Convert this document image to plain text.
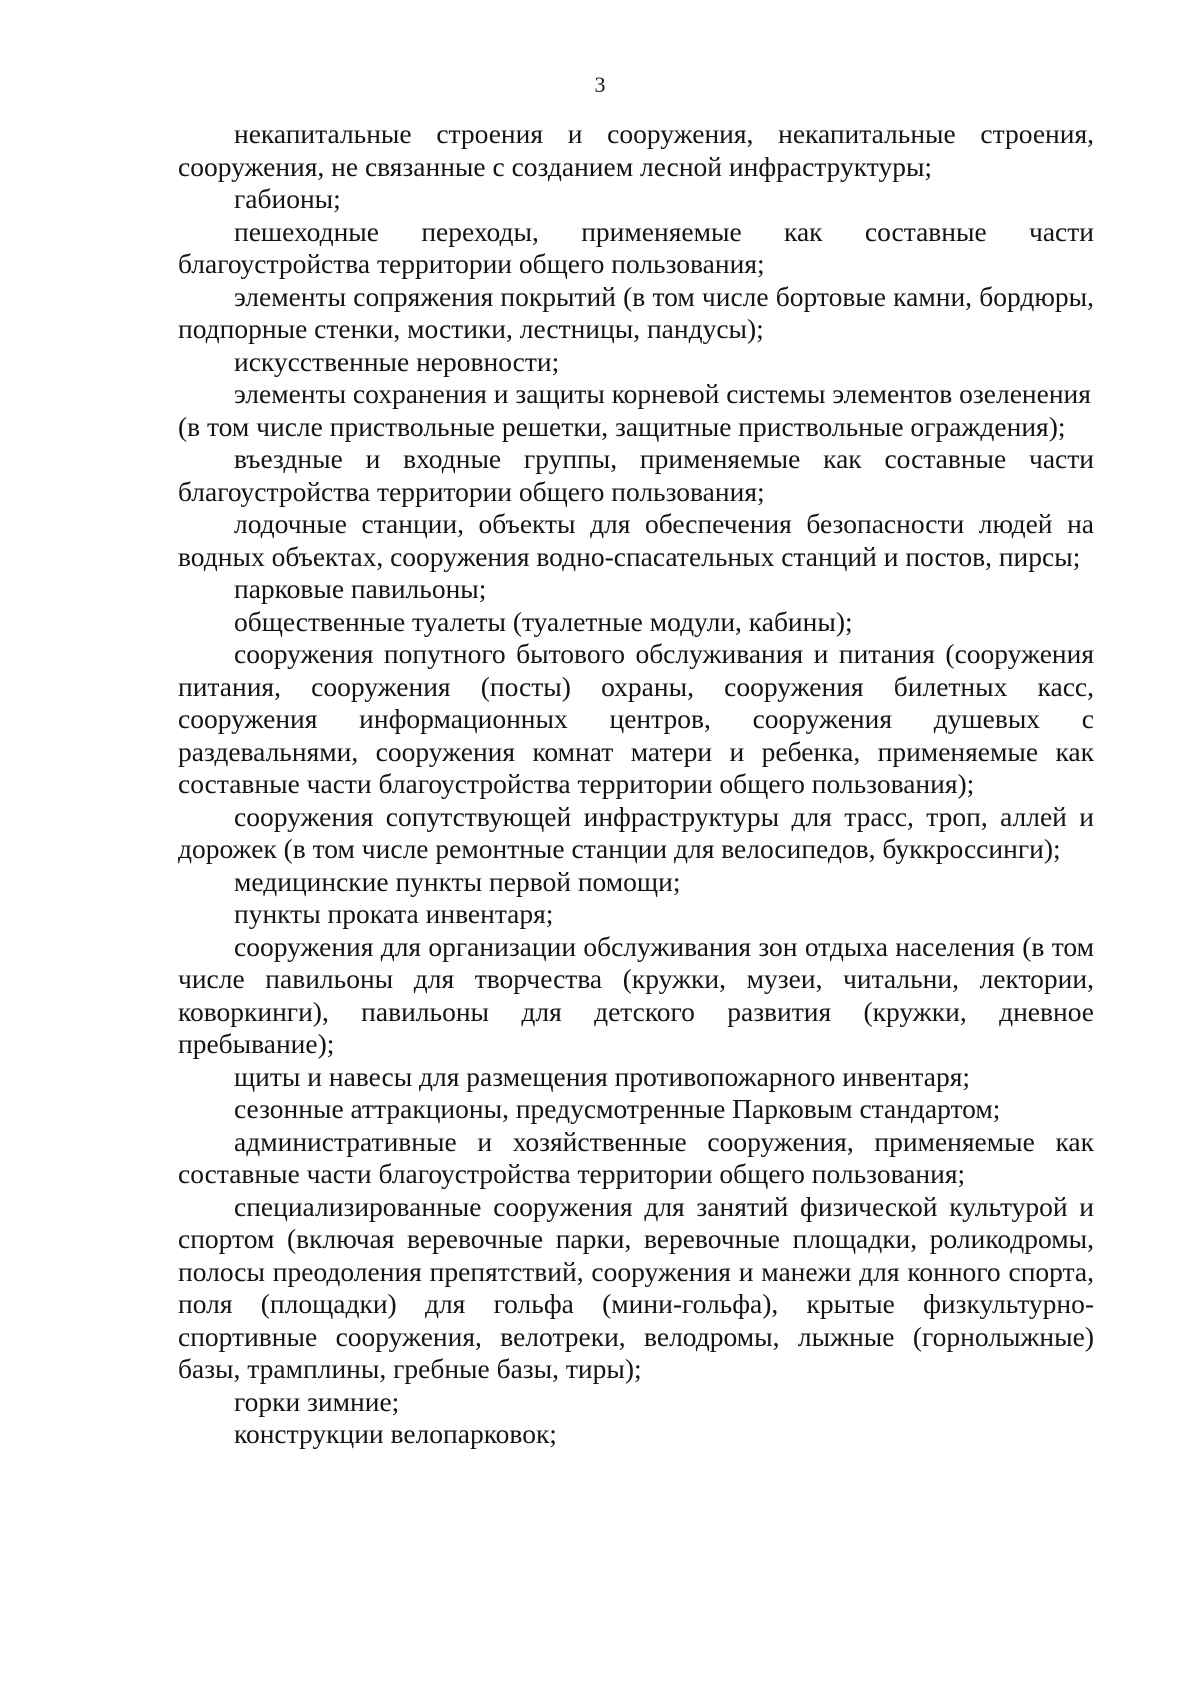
3

некапитальные строения и сооружения, некапитальные строения, сооружения, не связанные с созданием лесной инфраструктуры;

габионы;

пешеходные переходы, применяемые как составные части благоустройства территории общего пользования;

элементы сопряжения покрытий (в том числе бортовые камни, бордюры, подпорные стенки, мостики, лестницы, пандусы);

искусственные неровности;

элементы сохранения и защиты корневой системы элементов озеленения

(в том числе приствольные решетки, защитные приствольные ограждения);

въездные и входные группы, применяемые как составные части благоустройства территории общего пользования;

лодочные станции, объекты для обеспечения безопасности людей на водных объектах, сооружения водно-спасательных станций и постов, пирсы;

парковые павильоны;

общественные туалеты (туалетные модули, кабины);

сооружения попутного бытового обслуживания и питания (сооружения питания, сооружения (посты) охраны, сооружения билетных касс, сооружения информационных центров, сооружения душевых с раздевальнями, сооружения комнат матери и ребенка, применяемые как составные части благоустройства территории общего пользования);

сооружения сопутствующей инфраструктуры для трасс, троп, аллей и дорожек (в том числе ремонтные станции для велосипедов, буккроссинги);

медицинские пункты первой помощи;

пункты проката инвентаря;

сооружения для организации обслуживания зон отдыха населения (в том числе павильоны для творчества (кружки, музеи, читальни, лектории, коворкинги), павильоны для детского развития (кружки, дневное пребывание);

щиты и навесы для размещения противопожарного инвентаря;

сезонные аттракционы, предусмотренные Парковым стандартом;

административные и хозяйственные сооружения, применяемые как составные части благоустройства территории общего пользования;

специализированные сооружения для занятий физической культурой и спортом (включая веревочные парки, веревочные площадки, роликодромы, полосы преодоления препятствий, сооружения и манежи для конного спорта, поля (площадки) для гольфа (мини-гольфа), крытые физкультурно-спортивные сооружения, велотреки, велодромы, лыжные (горнолыжные) базы, трамплины, гребные базы, тиры);

горки зимние;

конструкции велопарковок;
